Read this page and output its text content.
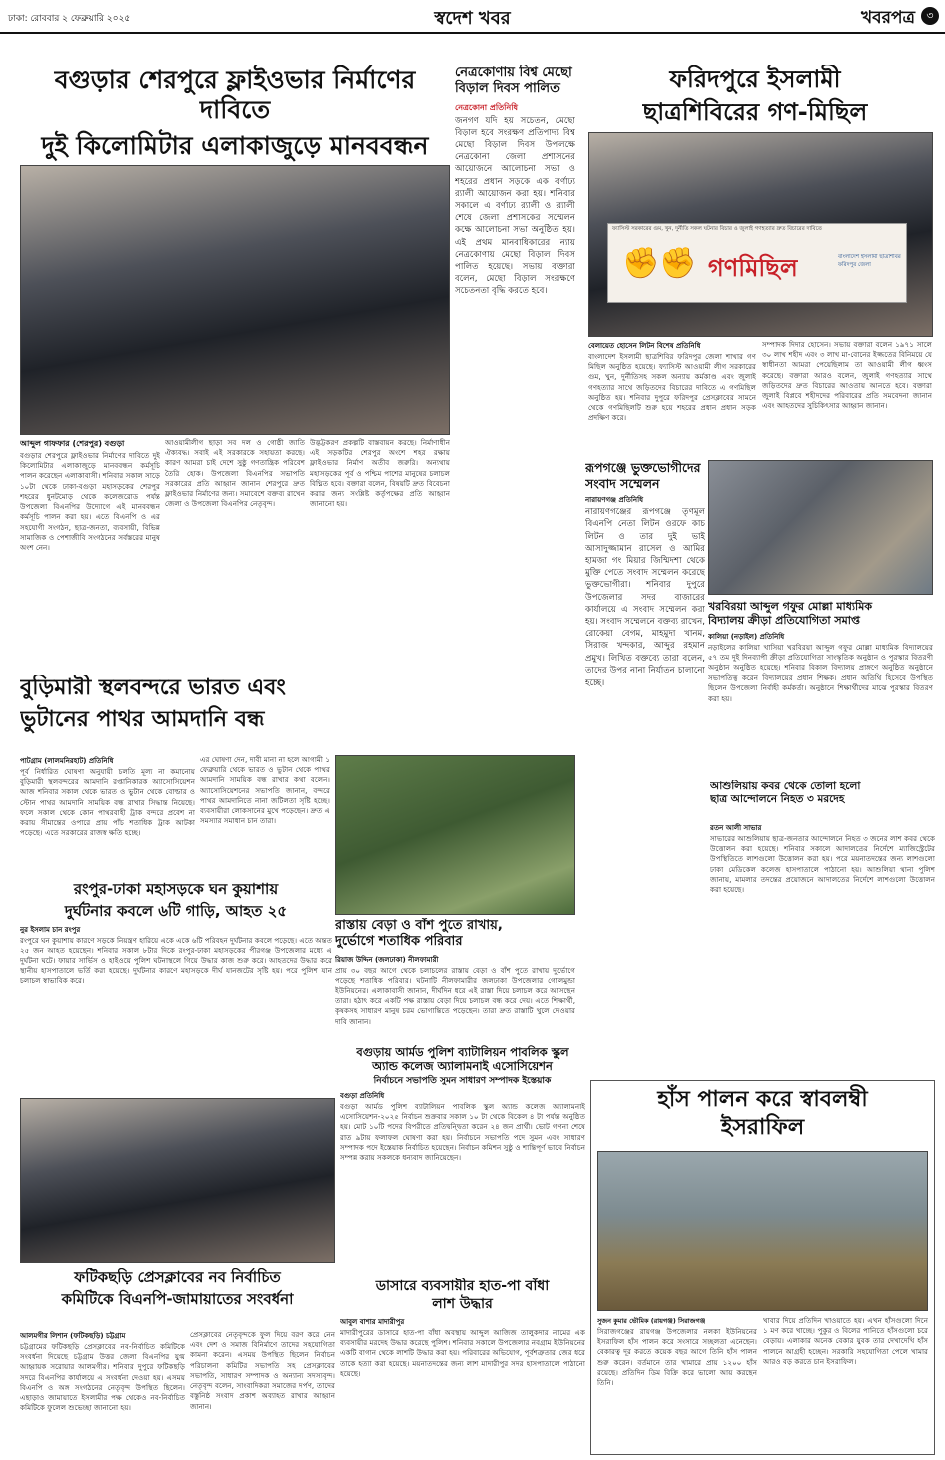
ঢাকা: রোববার ২ ফেব্রুয়ারি ২০২৫	স্বদেশ খবর	খবরপত্র	৩
বগুড়ার শেরপুরে ফ্লাইওভার নির্মাণের দাবিতে
দুই কিলোমিটার এলাকাজুড়ে মানববন্ধন
আব্দুল গাফফার (শেরপুর) বগুড়া
বগুড়ার শেরপুরে ফ্লাইওভার নির্মাণের দাবিতে দুই কিলোমিটার এলাকাজুড়ে মানববন্ধন কর্মসূচি পালন করেছেন এলাকাবাসী। শনিবার সকাল সাড়ে ১০টা থেকে ঢাকা-বগুড়া মহাসড়কের শেরপুর শহরের ধুনটমোড় থেকে কলেজরোড পর্যন্ত উপজেলা বিএনপির উদ্যোগে এই মানববন্ধন কর্মসূচি পালন করা হয়। এতে বিএনপি ও এর সহযোগী সংগঠন, ছাত্র-জনতা, ব্যবসায়ী, বিভিন্ন সামাজিক ও পেশাজীবি সংগঠনের সর্বস্তরের মানুষ অংশ নেন।
আওয়ামীলীগ ছাড়া সব দল ও গোষ্ঠী জাতি ঐক্যবদ্ধ। সবাই এই সরকারকে সহায়তা করছে। কারণ আমরা চাই দেশে সুষ্ঠু গণতান্ত্রিক পরিবেশ তৈরি হোক। উপজেলা বিএনপির সভাপতি সরকারের প্রতি আহ্বান জানান শেরপুরে দ্রুত ফ্লাইওভার নির্মাণের জন্য। সমাবেশে বক্তব্য রাখেন জেলা ও উপজেলা বিএনপির নেতৃবৃন্দ।
উদ্ভট্টকরণ প্রকল্পটি বাস্তবায়ন করছে। নির্মাণাধীন এই সড়কটির শেরপুর অংশে শহর রক্ষায় ফ্লাইওভার নির্মাণ অতীব জরুরি। অন্যথায় মহাসড়কের পূর্ব ও পশ্চিম পাশের মানুষের চলাচল বিঘ্নিত হবে। বক্তারা বলেন, বিষয়টি দ্রুত বিবেচনা করার জন্য সংশ্লিষ্ট কর্তৃপক্ষের প্রতি আহ্বান জানানো হয়।
নেত্রকোণায় বিশ্ব মেছো বিড়াল দিবস পালিত
নেত্রকোনা প্রতিনিধি
জনগণ যদি হয় সচেতন, মেছো বিড়াল হবে সংরক্ষণ প্রতিপাদ্য বিশ্ব মেছো বিড়াল দিবস উপলক্ষে নেত্রকোনা জেলা প্রশাসনের আয়োজনে আলোচনা সভা ও শহরের প্রধান সড়কে এক বর্ণাঢ্য র‍্যালী আয়োজন করা হয়। শনিবার সকালে এ বর্ণাঢ্য র‍্যালী ও র‍্যালী শেষে জেলা প্রশাসকের সম্মেলন কক্ষে আলোচনা সভা অনুষ্ঠিত হয়। এই প্রথম মানবাধিকারের ন্যায় নেত্রকোণায় মেছো বিড়াল দিবস পালিত হয়েছে। সভায় বক্তারা বলেন, মেছো বিড়াল সংরক্ষণে সচেতনতা বৃদ্ধি করতে হবে।
ফরিদপুরে ইসলামী
ছাত্রশিবিরের গণ-মিছিল
ফ্যাসিস্ট সরকারের গুম, খুন, দুর্নীতি সকল ঘটনার বিচার ও জুলাই গণহত্যার দ্রুত বিচারের দাবিতে
✊✊ গণমিছিল	বাংলাদেশ ইসলামী ছাত্রশিবির ফরিদপুর জেলা
বেলায়েত হোসেন লিটন বিশেষ প্রতিনিধি
বাংলাদেশ ইসলামী ছাত্রশিবির ফরিদপুর জেলা শাখার গণ মিছিল অনুষ্ঠিত হয়েছে। ফ্যাসিস্ট আওয়ামী লীগ সরকারের গুম, খুন, দুর্নীতিসহ সকল অন্যায় কর্মকাণ্ড এবং জুলাই গণহত্যার সাথে জড়িতদের বিচারের দাবিতে এ গণমিছিল অনুষ্ঠিত হয়। শনিবার দুপুরে ফরিদপুর প্রেসক্লাবের সামনে থেকে গণমিছিলটি শুরু হয়ে শহরের প্রধান প্রধান সড়ক প্রদক্ষিণ করে।
সম্পাদক দিদার হোসেন। সভায় বক্তারা বলেন ১৯৭১ সালে ৩০ লাখ শহীদ এবং ৩ লাখ মা-বোনের ইজ্জতের বিনিময়ে যে স্বাধীনতা আমরা পেয়েছিলাম তা আওয়ামী লীগ ধ্বংস করেছে। বক্তারা আরও বলেন, জুলাই গণহত্যার সাথে জড়িতদের দ্রুত বিচারের আওতায় আনতে হবে। বক্তারা জুলাই বিপ্লবে শহীদদের পরিবারের প্রতি সমবেদনা জানান এবং আহতদের সুচিকিৎসার আহ্বান জানান।
রূপগঞ্জে ভুক্তভোগীদের সংবাদ সম্মেলন
নারায়ণগঞ্জ প্রতিনিধি
নারায়ণগঞ্জের রূপগঞ্জে তৃণমূল বিএনপি নেতা লিটন ওরফে কাচ লিটন ও তার দুই ভাই আসাদুজ্জামান রাসেল ও আমির হামজা গং মিয়ার জিম্মিদশা থেকে মুক্তি পেতে সংবাদ সম্মেলন করেছে ভুক্তভোগীরা। শনিবার দুপুরে উপজেলার সদর বাজারের কার্যালয়ে এ সংবাদ সম্মেলন করা হয়। সংবাদ সম্মেলনে বক্তব্য রাখেন, রোকেয়া বেগম, মাহমুদা খানম, সিরাজ খন্দকার, আব্দুর রহমান প্রমুখ। লিখিত বক্তব্যে তারা বলেন, তাদের উপর নানা নির্যাতন চালানো হচ্ছে।
খরবিরয়া আব্দুল গফুর মোল্লা মাধ্যমিক
বিদ্যালয় ক্রীড়া প্রতিযোগিতা সমাপ্ত
কালিয়া (নড়াইল) প্রতিনিধি
নড়াইলের কালিয়া খাসিয়া খরবিরয়া আব্দুল গফুর মোল্লা মাধ্যমিক বিদ্যালয়ের ৫৭ তম দুই দিনব্যাপী ক্রীড়া প্রতিযোগিতা সাংস্কৃতিক অনুষ্ঠান ও পুরস্কার বিতরণী অনুষ্ঠান অনুষ্ঠিত হয়েছে। শনিবার বিকাল বিদ্যালয় প্রাঙ্গণে অনুষ্ঠিত অনুষ্ঠানে সভাপতিত্ব করেন বিদ্যালয়ের প্রধান শিক্ষক। প্রধান অতিথি হিসেবে উপস্থিত ছিলেন উপজেলা নির্বাহী কর্মকর্তা। অনুষ্ঠানে শিক্ষার্থীদের মাঝে পুরস্কার বিতরণ করা হয়।
বুড়িমারী স্থলবন্দরে ভারত এবং
ভুটানের পাথর আমদানি বন্ধ
পাটগ্রাম (লালমনিরহাট) প্রতিনিধি
পূর্ব নির্ধারিত ঘোষণা অনুযায়ী চলতি মূল্য না কমানোয় বুড়িমারী স্থলবন্দরের আমদানি রপ্তানিকারক অ্যাসোসিয়েশন আজ শনিবার সকাল থেকে ভারত ও ভুটান থেকে বোল্ডার ও স্টোন পাথর আমদানি সাময়িক বন্ধ রাখার সিদ্ধান্ত নিয়েছে। ফলে সকাল থেকে কোন পাথরবাহী ট্রাক বন্দরে প্রবেশ না করায় সীমান্তের ওপারে প্রায় পাঁচ শতাধিক ট্রাক আটকা পড়েছে। এতে সরকারের রাজস্ব ক্ষতি হচ্ছে।
এর ঘোষণা দেন, দাবী মানা না হলে আগামী ১ ফেব্রুয়ারি থেকে ভারত ও ভুটান থেকে পাথর আমদানি সাময়িক বন্ধ রাখার কথা বলেন। অ্যাসোসিয়েশনের সভাপতি জানান, বন্দরে পাথর আমদানিতে নানা জটিলতা সৃষ্টি হচ্ছে। ব্যবসায়ীরা লোকসানের মুখে পড়েছেন। দ্রুত এ সমস্যার সমাধান চান তারা।
রাস্তায় বেড়া ও বাঁশ পুতে রাখায়,
দুর্ভোগে শতাধিক পরিবার
রিয়াজ উদ্দিন (জলঢাকা) নীলফামারী
প্রায় ৩০ বছর আগে থেকে চলাচলের রাস্তায় বেড়া ও বাঁশ পুতে রাখায় দুর্ভোগে পড়েছে শতাধিক পরিবার। ঘটনাটি নীলফামারীর জলঢাকা উপজেলার গোলমুন্ডা ইউনিয়নের। এলাকাবাসী জানান, দীর্ঘদিন ধরে এই রাস্তা দিয়ে চলাচল করে আসছেন তারা। হঠাৎ করে একটি পক্ষ রাস্তায় বেড়া দিয়ে চলাচল বন্ধ করে দেয়। এতে শিক্ষার্থী, কৃষকসহ সাধারণ মানুষ চরম ভোগান্তিতে পড়েছেন। তারা দ্রুত রাস্তাটি খুলে দেওয়ার দাবি জানান।
রংপুর-ঢাকা মহাসড়কে ঘন কুয়াশায়
দুর্ঘটনার কবলে ৬টি গাড়ি, আহত ২৫
নুর ইসলাম চান রংপুর
রংপুরে ঘন কুয়াশায় কারণে সড়কে নিয়ন্ত্রণ হারিয়ে একে একে ৬টি পরিবহন দুর্ঘটনার কবলে পড়েছে। এতে অন্তত ২৫ জন আহত হয়েছেন। শনিবার সকাল ৮টার দিকে রংপুর-ঢাকা মহাসড়কের পীরগঞ্জ উপজেলার মধ্যে এ দুর্ঘটনা ঘটে। ফায়ার সার্ভিস ও হাইওয়ে পুলিশ ঘটনাস্থলে গিয়ে উদ্ধার কাজ শুরু করে। আহতদের উদ্ধার করে স্থানীয় হাসপাতালে ভর্তি করা হয়েছে। দুর্ঘটনার কারণে মহাসড়কে দীর্ঘ যানজটের সৃষ্টি হয়। পরে পুলিশ যান চলাচল স্বাভাবিক করে।
ফটিকছড়ি প্রেসক্লাবের নব নির্বাচিত
কমিটিকে বিএনপি-জামায়াতের সংবর্ধনা
আলমগীর লিশান (ফটিকছড়ি) চট্টগ্রাম
চট্টগ্রামের ফটিকছড়ি প্রেসক্লাবের নব-নির্বাচিত কমিটিকে সংবর্ধনা দিয়েছে চট্টগ্রাম উত্তর জেলা বিএনপির যুগ্ম আহ্বায়ক সরোয়ার আলমগীর। শনিবার দুপুরে ফটিকছড়ি সদরে বিএনপির কার্যালয়ে এ সংবর্ধনা দেওয়া হয়। এসময় বিএনপি ও অঙ্গ সংগঠনের নেতৃবৃন্দ উপস্থিত ছিলেন। এছাড়াও জামায়াতে ইসলামীর পক্ষ থেকেও নব-নির্বাচিত কমিটিকে ফুলেল শুভেচ্ছা জানানো হয়।
প্রেসক্লাবের নেতৃবৃন্দকে ফুল দিয়ে বরণ করে নেন এবং দেশ ও সমাজ বিনির্মাণে তাদের সহযোগিতা কামনা করেন। এসময় উপস্থিত ছিলেন নির্বাচন পরিচালনা কমিটির সভাপতি সহ প্রেসক্লাবের সভাপতি, সাধারণ সম্পাদক ও অন্যান্য সদস্যবৃন্দ। নেতৃবৃন্দ বলেন, সাংবাদিকরা সমাজের দর্পণ, তাদের বস্তুনিষ্ঠ সংবাদ প্রকাশ অব্যাহত রাখার আহ্বান জানান।
বগুড়ায় আর্মড পুলিশ ব্যাটালিয়ন পাবলিক স্কুল
অ্যান্ড কলেজ অ্যালামনাই এসোসিয়েশন
নির্বাচনে সভাপতি সুমন সাধারণ সম্পাদক ইস্তেয়াক
বগুড়া প্রতিনিধি
বগুড়া আর্মড পুলিশ ব্যাটালিয়ন পাবলিক স্কুল অ্যান্ড কলেজ অ্যালামনাই এসোসিয়েশন-২০২৫ নির্বাচন শুক্রবার সকাল ১০ টা থেকে বিকেল ৪ টা পর্যন্ত অনুষ্ঠিত হয়। মোট ১০টি পদের বিপরীতে প্রতিদ্বন্দ্বিতা করেন ২৪ জন প্রার্থী। ভোট গণনা শেষে রাত ৯টায় ফলাফল ঘোষণা করা হয়। নির্বাচনে সভাপতি পদে সুমন এবং সাধারণ সম্পাদক পদে ইস্তেয়াক নির্বাচিত হয়েছেন। নির্বাচন কমিশন সুষ্ঠু ও শান্তিপূর্ণ ভাবে নির্বাচন সম্পন্ন করায় সকলকে ধন্যবাদ জানিয়েছেন।
ডাসারে ব্যবসায়ীর হাত-পা বাঁধা
লাশ উদ্ধার
আবুল বাশার মাদারীপুর
মাদারীপুরের ডাসারে হাত-পা বাঁধা অবস্থায় আব্দুল আজিজ তালুকদার নামের এক ব্যবসায়ীর মরদেহ উদ্ধার করেছে পুলিশ। শনিবার সকালে উপজেলার নবগ্রাম ইউনিয়নের একটি বাগান থেকে লাশটি উদ্ধার করা হয়। পরিবারের অভিযোগ, পূর্বশত্রুতার জের ধরে তাকে হত্যা করা হয়েছে। ময়নাতদন্তের জন্য লাশ মাদারীপুর সদর হাসপাতালে পাঠানো হয়েছে।
আশুলিয়ায় কবর থেকে তোলা হলো
ছাত্র আন্দোলনে নিহত ৩ মরদেহ
রতন আলী সাভার
সাভারের আশুলিয়ায় ছাত্র-জনতার আন্দোলনে নিহত ৩ জনের লাশ কবর থেকে উত্তোলন করা হয়েছে। শনিবার সকালে আদালতের নির্দেশে ম্যাজিস্ট্রেটের উপস্থিতিতে লাশগুলো উত্তোলন করা হয়। পরে ময়নাতদন্তের জন্য লাশগুলো ঢাকা মেডিকেল কলেজ হাসপাতালে পাঠানো হয়। আশুলিয়া থানা পুলিশ জানায়, মামলার তদন্তের প্রয়োজনে আদালতের নির্দেশে লাশগুলো উত্তোলন করা হয়েছে।
হাঁস পালন করে স্বাবলম্বী
ইসরাফিল
সুজন কুমার ভৌমিক (রায়গঞ্জ) সিরাজগঞ্জ
সিরাজগঞ্জের রায়গঞ্জ উপজেলার নলকা ইউনিয়নের ইসরাফিল হাঁস পালন করে সংসারে সচ্ছলতা এনেছেন। বেকারত্ব দূর করতে কয়েক বছর আগে তিনি হাঁস পালন শুরু করেন। বর্তমানে তার খামারে প্রায় ১২০০ হাঁস রয়েছে। প্রতিদিন ডিম বিক্রি করে ভালো আয় করছেন তিনি।
খাবার দিয়ে প্রতিদিন খাওয়াতে হয়। এখন হাঁসগুলো দিনে ১ মণ করে খাচ্ছে। পুকুর ও বিলের পানিতে হাঁসগুলো চরে বেড়ায়। এলাকার অনেক বেকার যুবক তার দেখাদেখি হাঁস পালনে আগ্রহী হচ্ছেন। সরকারি সহযোগিতা পেলে খামার আরও বড় করতে চান ইসরাফিল।
